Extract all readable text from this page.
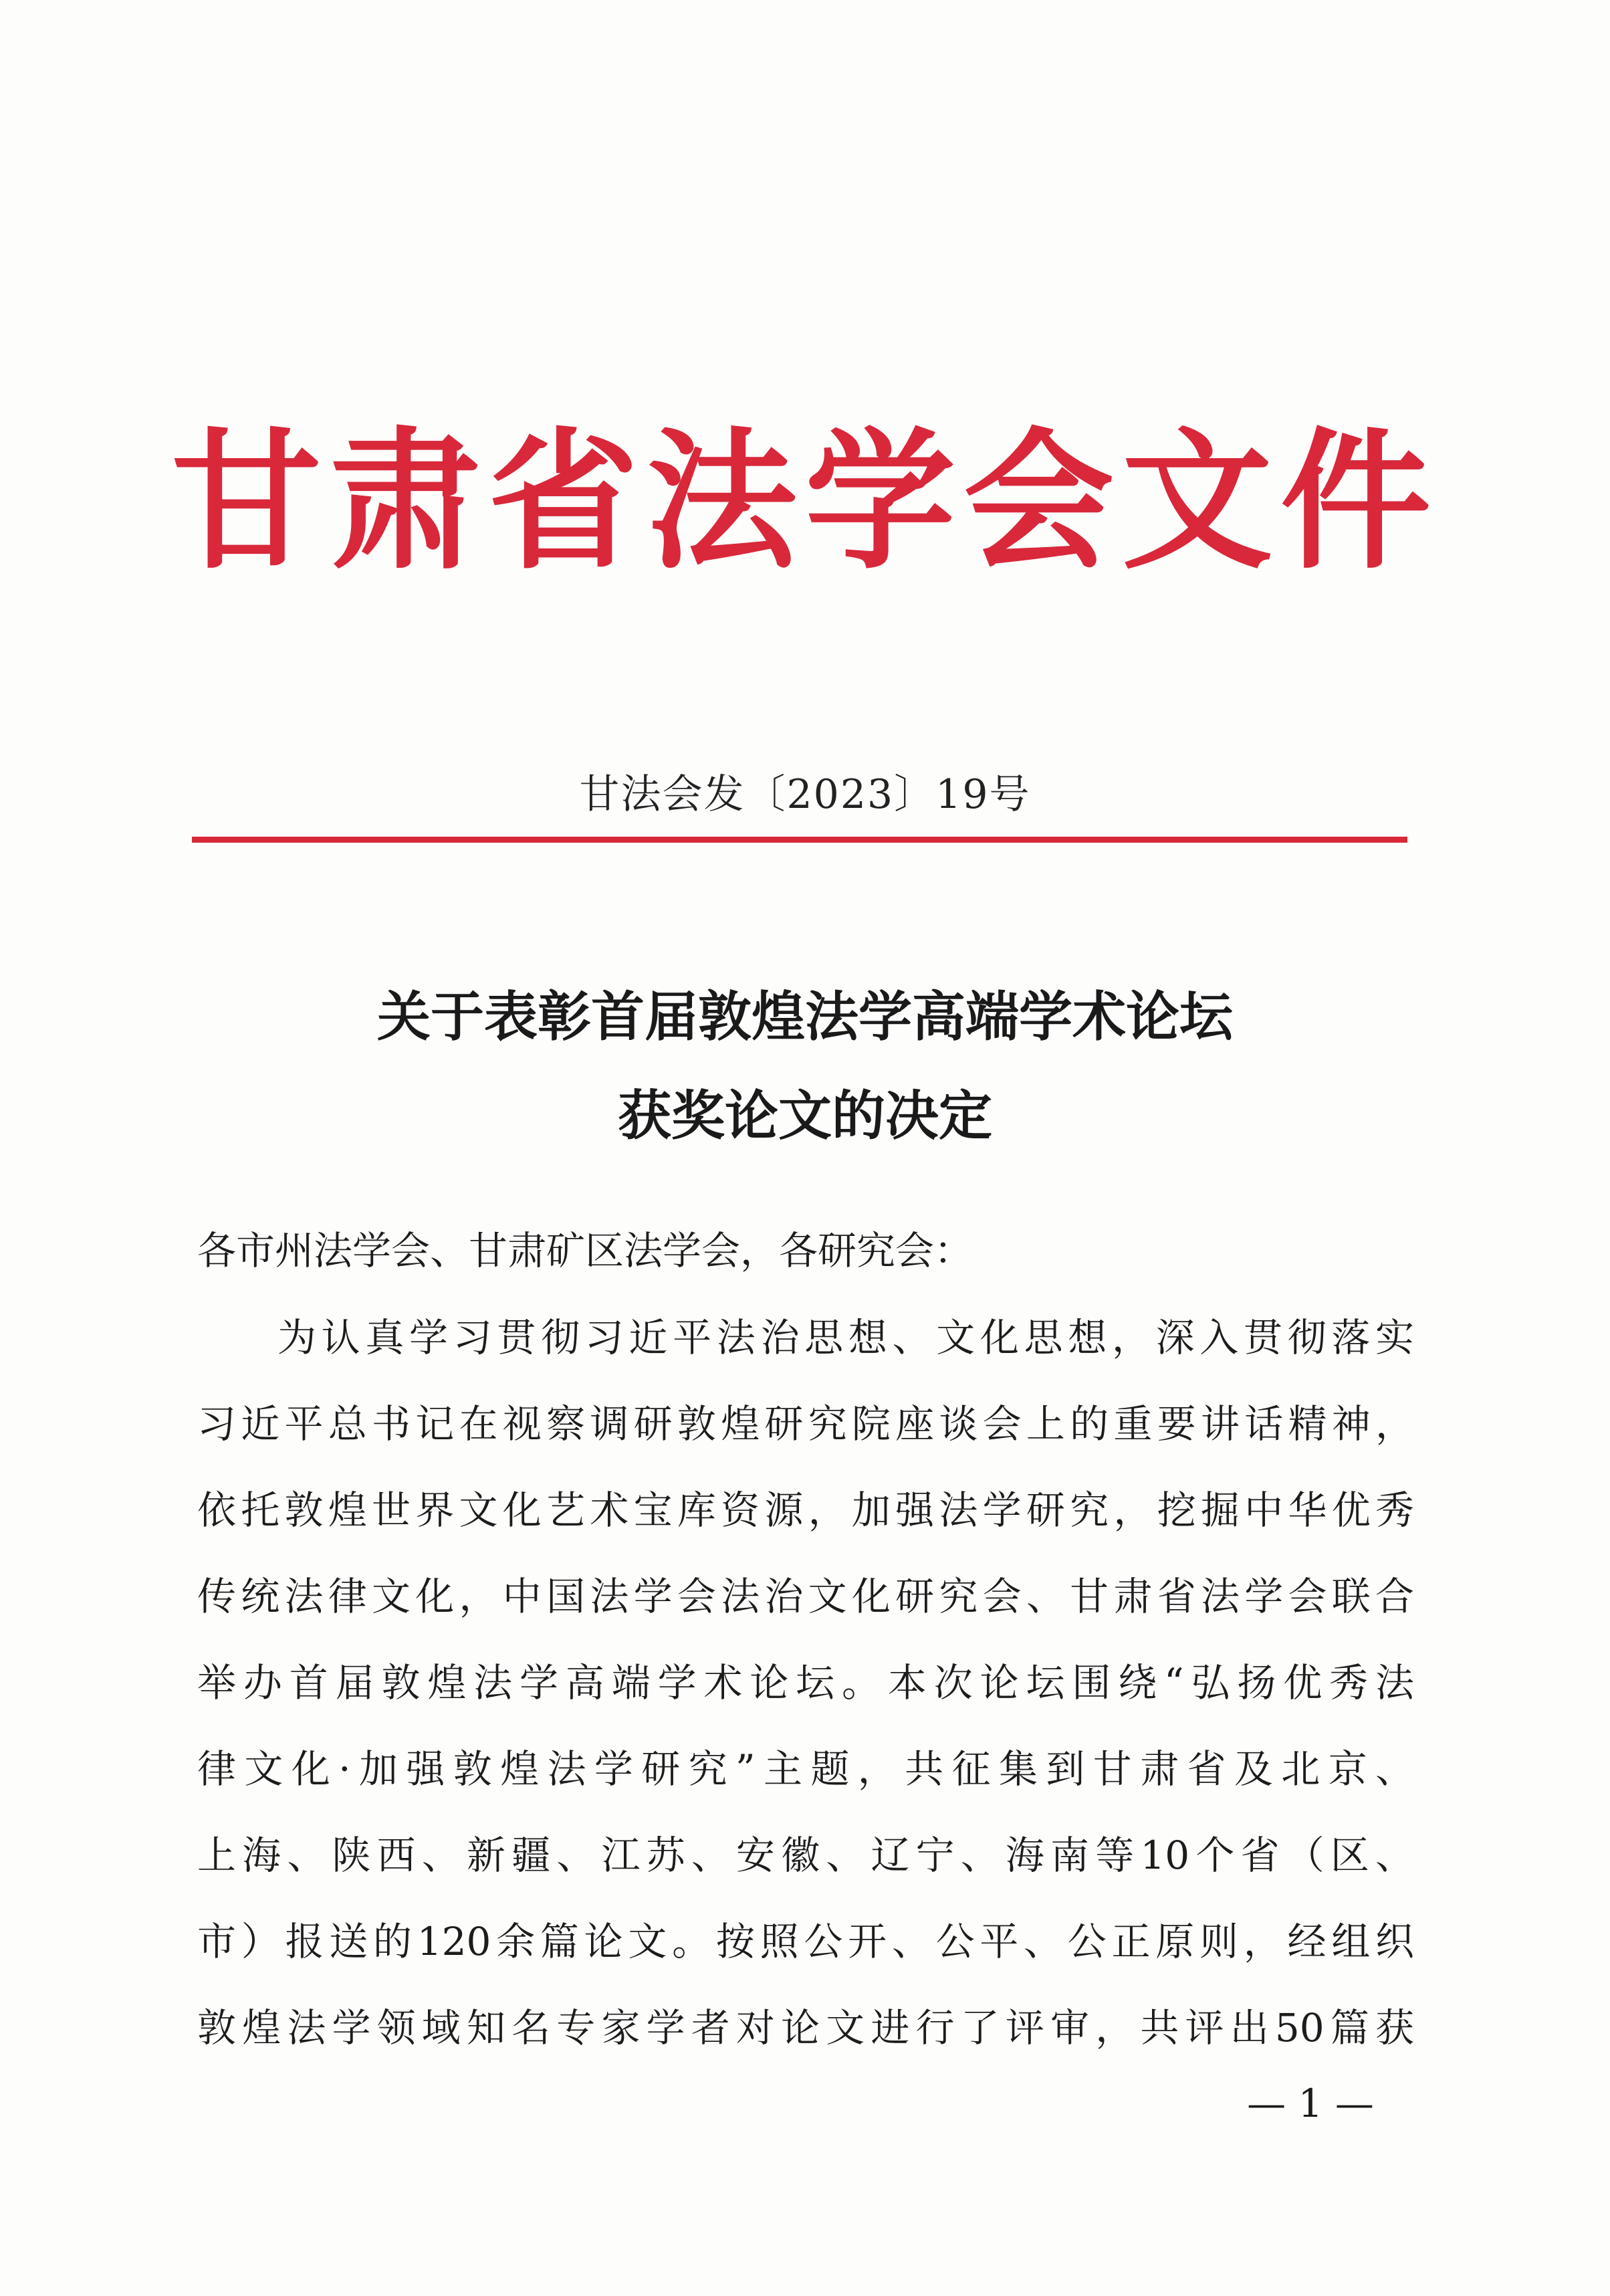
甘肃省法学会文件
甘法会发〔2023〕19号
关于表彰首届敦煌法学高端学术论坛
获奖论文的决定
各市州法学会、甘肃矿区法学会，各研究会：
为认真学习贯彻习近平法治思想、文化思想，深入贯彻落实
习近平总书记在视察调研敦煌研究院座谈会上的重要讲话精神，
依托敦煌世界文化艺术宝库资源，加强法学研究，挖掘中华优秀
传统法律文化，中国法学会法治文化研究会、甘肃省法学会联合
举办首届敦煌法学高端学术论坛。本次论坛围绕“弘扬优秀法
律文化·加强敦煌法学研究”主题，共征集到甘肃省及北京、
上海、陕西、新疆、江苏、安徽、辽宁、海南等10个省（区、
市）报送的120余篇论文。按照公开、公平、公正原则，经组织
敦煌法学领域知名专家学者对论文进行了评审，共评出50篇获
— 1 —
